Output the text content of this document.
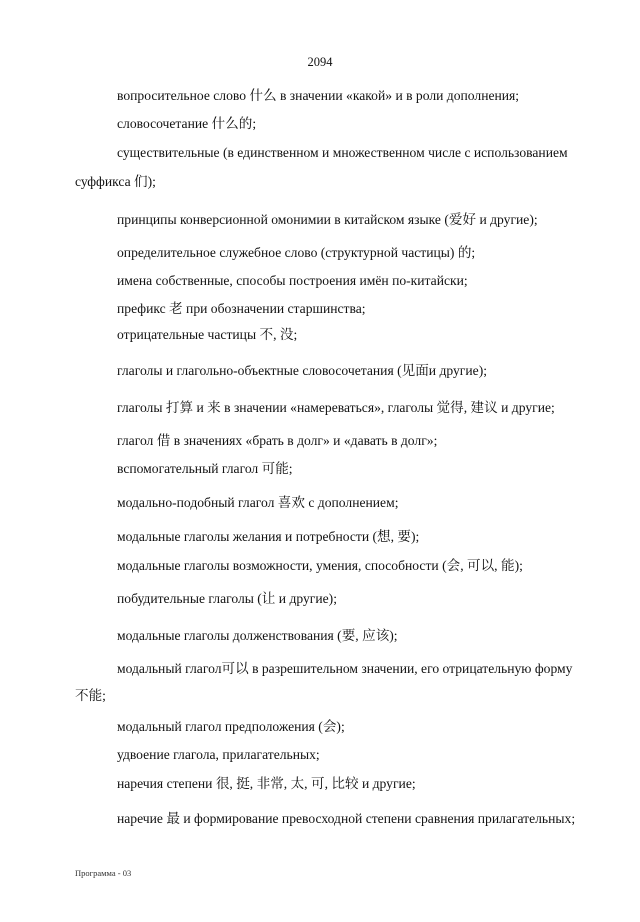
2094
вопросительное слово 什么 в значении «какой» и в роли дополнения;
словосочетание 什么的;
существительные (в единственном и множественном числе с использованием
суффикса 们);
принципы конверсионной омонимии в китайском языке (爱好 и другие);
определительное служебное слово (структурной частицы) 的;
имена собственные, способы построения имён по-китайски;
префикс 老 при обозначении старшинства;
отрицательные частицы 不, 没;
глаголы и глагольно-объектные словосочетания (见面и другие);
глаголы 打算 и 来 в значении «намереваться», глаголы 觉得, 建议 и другие;
глагол 借 в значениях «брать в долг» и «давать в долг»;
вспомогательный глагол 可能;
модально-подобный глагол 喜欢 с дополнением;
модальные глаголы желания и потребности (想, 要);
модальные глаголы возможности, умения, способности (会, 可以, 能);
побудительные глаголы (让 и другие);
модальные глаголы долженствования (要, 应该);
модальный глагол可以 в разрешительном значении, его отрицательную форму
不能;
модальный глагол предположения (会);
удвоение глагола, прилагательных;
наречия степени 很, 挺, 非常, 太, 可, 比较 и другие;
наречие 最 и формирование превосходной степени сравнения прилагательных;
Программа - 03
